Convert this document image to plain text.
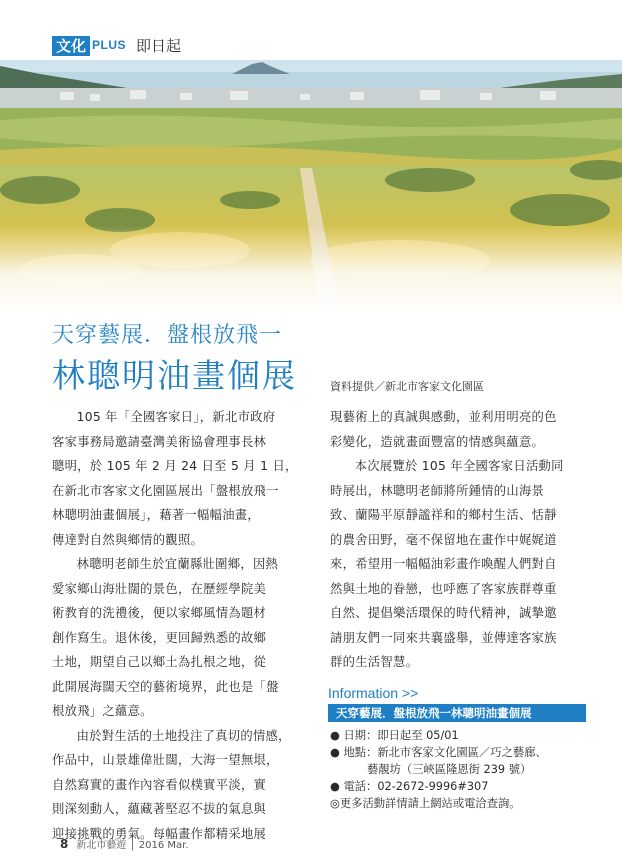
文化 PLUS 即日起
天穿藝展．盤根放飛一
林聰明油畫個展	資料提供／新北市客家文化園區
105 年「全國客家日」，新北市政府
客家事務局邀請臺灣美術協會理事長林
聰明，於 105 年 2 月 24 日至 5 月 1 日，
在新北市客家文化園區展出「盤根放飛一
林聰明油畫個展」，藉著一幅幅油畫，
傳達對自然與鄉情的觀照。
林聰明老師生於宜蘭縣壯圍鄉，因熱
愛家鄉山海壯闊的景色，在歷經學院美
術教育的洗禮後，便以家鄉風情為題材
創作寫生。退休後，更回歸熟悉的故鄉
土地，期望自己以鄉土為扎根之地，從
此開展海闊天空的藝術境界，此也是「盤
根放飛」之蘊意。
由於對生活的土地投注了真切的情感，
作品中，山景雄偉壯闊，大海一望無垠，
自然寫實的畫作內容看似樸實平淡，實
則深刻動人，蘊藏著堅忍不拔的氣息與
迎接挑戰的勇氣。每幅畫作都精采地展
現藝術上的真誠與感動，並利用明亮的色
彩變化，造就畫面豐富的情感與蘊意。
本次展覽於 105 年全國客家日活動同
時展出，林聰明老師將所鍾情的山海景
致、蘭陽平原靜謐祥和的鄉村生活、恬靜
的農舍田野，毫不保留地在畫作中娓娓道
來，希望用一幅幅油彩畫作喚醒人們對自
然與土地的眷戀，也呼應了客家族群尊重
自然、提倡樂活環保的時代精神，誠摯邀
請朋友們一同來共襄盛舉，並傳達客家族
群的生活智慧。
Information >>
天穿藝展．盤根放飛一林聰明油畫個展
● 日期：即日起至 05/01
● 地點：新北市客家文化園區／巧之藝廊、
藝靚坊（三峽區隆恩街 239 號）
● 電話：02-2672-9996#307
◎更多活動詳情請上網站或電洽查詢。
8 新北市藝遊 │ 2016 Mar.
